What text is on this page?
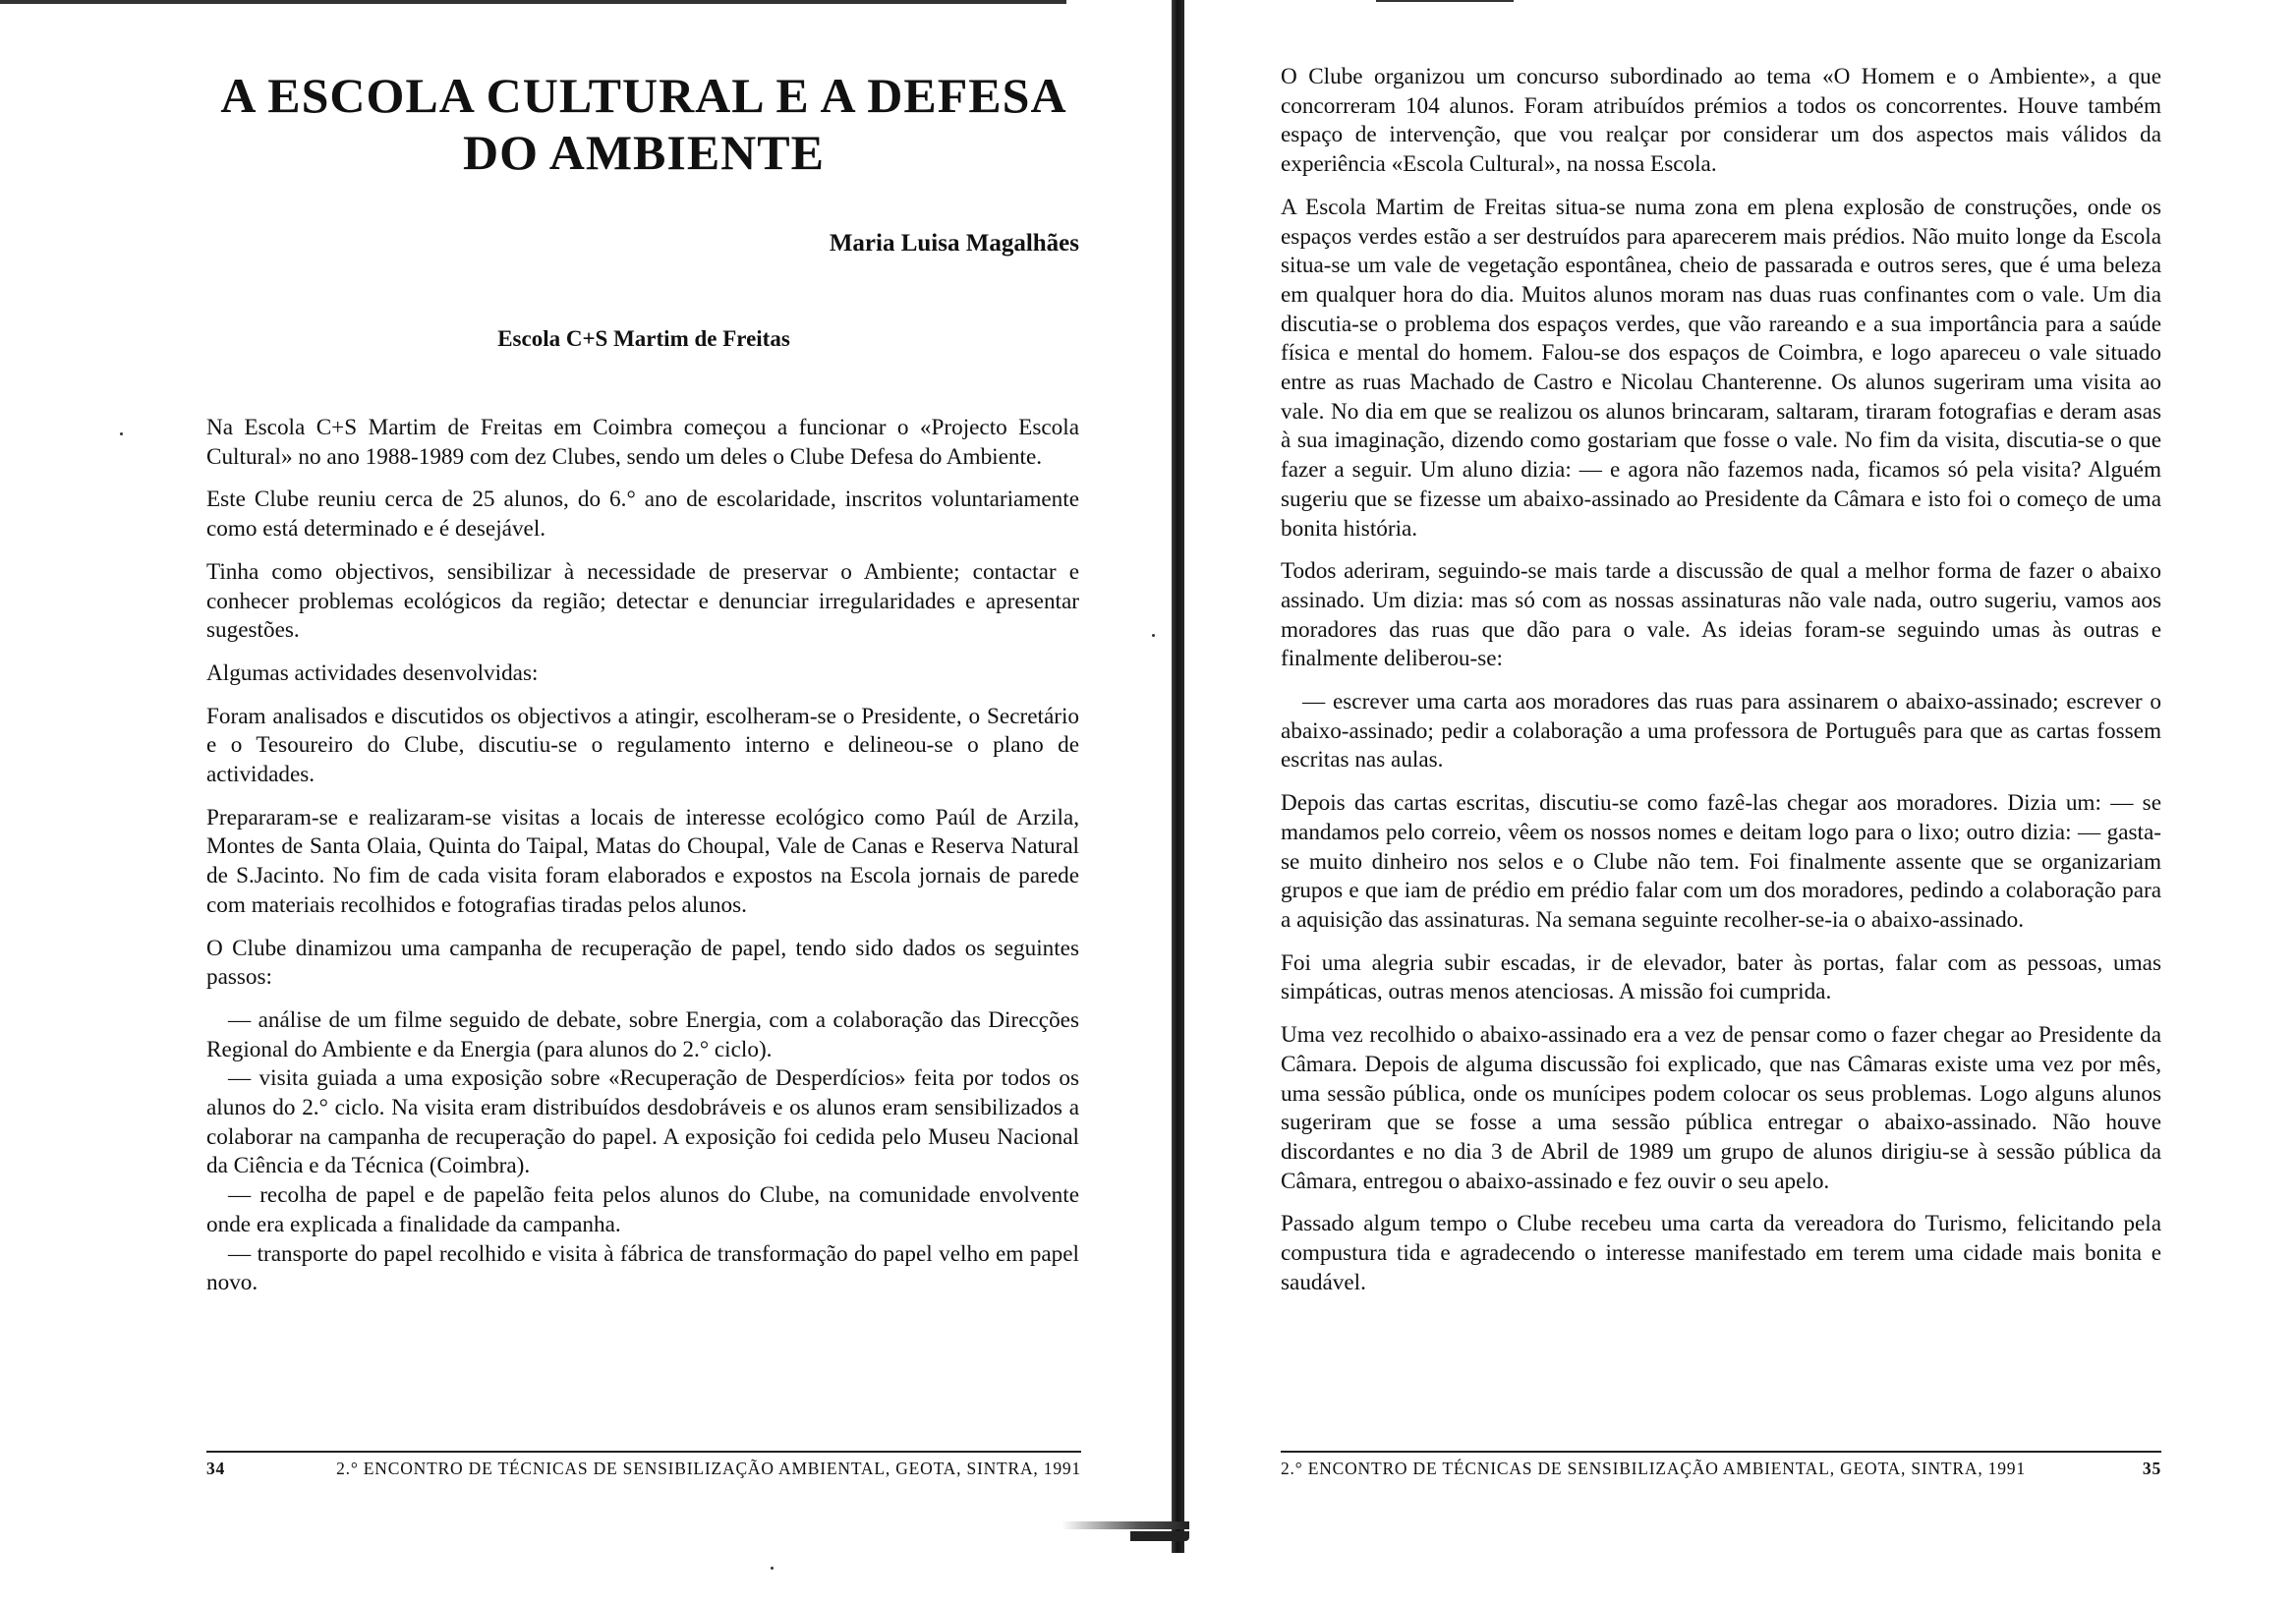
A ESCOLA CULTURAL E A DEFESA
DO AMBIENTE
Maria Luisa Magalhães
Escola C+S Martim de Freitas

Na Escola C+S Martim de Freitas em Coimbra começou a funcionar o «Projecto Escola Cultural» no ano 1988-1989 com dez Clubes, sendo um deles o Clube Defesa do Ambiente.

Este Clube reuniu cerca de 25 alunos, do 6.° ano de escolaridade, inscritos voluntariamente como está determinado e é desejável.

Tinha como objectivos, sensibilizar à necessidade de preservar o Ambiente; contactar e conhecer problemas ecológicos da região; detectar e denunciar irregularidades e apresentar sugestões.

Algumas actividades desenvolvidas:

Foram analisados e discutidos os objectivos a atingir, escolheram-se o Presidente, o Secretário e o Tesoureiro do Clube, discutiu-se o regulamento interno e delineou-se o plano de actividades.

Prepararam-se e realizaram-se visitas a locais de interesse ecológico como Paúl de Arzila, Montes de Santa Olaia, Quinta do Taipal, Matas do Choupal, Vale de Canas e Reserva Natural de S.Jacinto. No fim de cada visita foram elaborados e expostos na Escola jornais de parede com materiais recolhidos e fotografias tiradas pelos alunos.

O Clube dinamizou uma campanha de recuperação de papel, tendo sido dados os seguintes passos:

— análise de um filme seguido de debate, sobre Energia, com a colaboração das Direcções Regional do Ambiente e da Energia (para alunos do 2.° ciclo).

— visita guiada a uma exposição sobre «Recuperação de Desperdícios» feita por todos os alunos do 2.° ciclo. Na visita eram distribuídos desdobráveis e os alunos eram sensibilizados a colaborar na campanha de recuperação do papel. A exposição foi cedida pelo Museu Nacional da Ciência e da Técnica (Coimbra).

— recolha de papel e de papelão feita pelos alunos do Clube, na comunidade envolvente onde era explicada a finalidade da campanha.

— transporte do papel recolhido e visita à fábrica de transformação do papel velho em papel novo.

34	2.° ENCONTRO DE TÉCNICAS DE SENSIBILIZAÇÃO AMBIENTAL, GEOTA, SINTRA, 1991

O Clube organizou um concurso subordinado ao tema «O Homem e o Ambiente», a que concorreram 104 alunos. Foram atribuídos prémios a todos os concorrentes. Houve também espaço de intervenção, que vou realçar por considerar um dos aspectos mais válidos da experiência «Escola Cultural», na nossa Escola.

A Escola Martim de Freitas situa-se numa zona em plena explosão de construções, onde os espaços verdes estão a ser destruídos para aparecerem mais prédios. Não muito longe da Escola situa-se um vale de vegetação espontânea, cheio de passarada e outros seres, que é uma beleza em qualquer hora do dia. Muitos alunos moram nas duas ruas confinantes com o vale. Um dia discutia-se o problema dos espaços verdes, que vão rareando e a sua importância para a saúde física e mental do homem. Falou-se dos espaços de Coimbra, e logo apareceu o vale situado entre as ruas Machado de Castro e Nicolau Chanterenne. Os alunos sugeriram uma visita ao vale. No dia em que se realizou os alunos brincaram, saltaram, tiraram fotografias e deram asas à sua imaginação, dizendo como gostariam que fosse o vale. No fim da visita, discutia-se o que fazer a seguir. Um aluno dizia: — e agora não fazemos nada, ficamos só pela visita? Alguém sugeriu que se fizesse um abaixo-assinado ao Presidente da Câmara e isto foi o começo de uma bonita história.

Todos aderiram, seguindo-se mais tarde a discussão de qual a melhor forma de fazer o abaixo assinado. Um dizia: mas só com as nossas assinaturas não vale nada, outro sugeriu, vamos aos moradores das ruas que dão para o vale. As ideias foram-se seguindo umas às outras e finalmente deliberou-se:

— escrever uma carta aos moradores das ruas para assinarem o abaixo-assinado; escrever o abaixo-assinado; pedir a colaboração a uma professora de Português para que as cartas fossem escritas nas aulas.

Depois das cartas escritas, discutiu-se como fazê-las chegar aos moradores. Dizia um: — se mandamos pelo correio, vêem os nossos nomes e deitam logo para o lixo; outro dizia: — gasta-se muito dinheiro nos selos e o Clube não tem. Foi finalmente assente que se organizariam grupos e que iam de prédio em prédio falar com um dos moradores, pedindo a colaboração para a aquisição das assinaturas. Na semana seguinte recolher-se-ia o abaixo-assinado.

Foi uma alegria subir escadas, ir de elevador, bater às portas, falar com as pessoas, umas simpáticas, outras menos atenciosas. A missão foi cumprida.

Uma vez recolhido o abaixo-assinado era a vez de pensar como o fazer chegar ao Presidente da Câmara. Depois de alguma discussão foi explicado, que nas Câmaras existe uma vez por mês, uma sessão pública, onde os munícipes podem colocar os seus problemas. Logo alguns alunos sugeriram que se fosse a uma sessão pública entregar o abaixo-assinado. Não houve discordantes e no dia 3 de Abril de 1989 um grupo de alunos dirigiu-se à sessão pública da Câmara, entregou o abaixo-assinado e fez ouvir o seu apelo.

Passado algum tempo o Clube recebeu uma carta da vereadora do Turismo, felicitando pela compustura tida e agradecendo o interesse manifestado em terem uma cidade mais bonita e saudável.

2.° ENCONTRO DE TÉCNICAS DE SENSIBILIZAÇÃO AMBIENTAL, GEOTA, SINTRA, 1991	35
